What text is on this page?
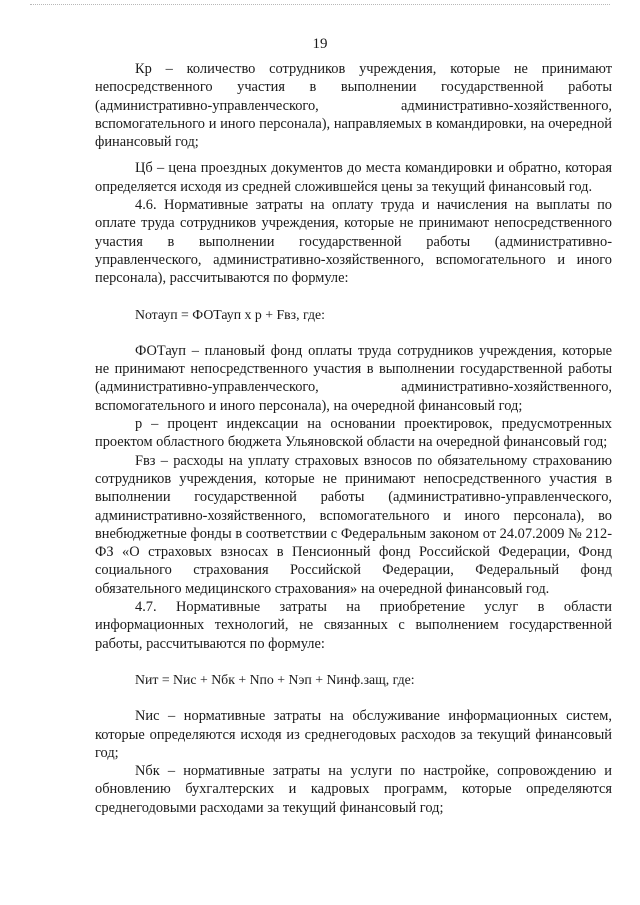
19

Кр – количество сотрудников учреждения, которые не принимают непосредственного участия в выполнении государственной работы (административно-управленческого, административно-хозяйственного, вспомогательного и иного персонала), направляемых в командировки, на очередной финансовый год;

Цб – цена проездных документов до места командировки и обратно, которая определяется исходя из средней сложившейся цены за текущий финансовый год.

4.6. Нормативные затраты на оплату труда и начисления на выплаты по оплате труда сотрудников учреждения, которые не принимают непосредственного участия в выполнении государственной работы (административно-управленческого, административно-хозяйственного, вспомогательного и иного персонала), рассчитываются по формуле:

Nотауп = ФОТауп х р + Fвз, где:

ФОТауп – плановый фонд оплаты труда сотрудников учреждения, которые не принимают непосредственного участия в выполнении государственной работы (административно-управленческого, административно-хозяйственного, вспомогательного и иного персонала), на очередной финансовый год;

р – процент индексации на основании проектировок, предусмотренных проектом областного бюджета Ульяновской области на очередной финансовый год;

Fвз – расходы на уплату страховых взносов по обязательному страхованию сотрудников учреждения, которые не принимают непосредственного участия в выполнении государственной работы (административно-управленческого, административно-хозяйственного, вспомогательного и иного персонала), во внебюджетные фонды в соответствии с Федеральным законом от 24.07.2009 № 212-ФЗ «О страховых взносах в Пенсионный фонд Российской Федерации, Фонд социального страхования Российской Федерации, Федеральный фонд обязательного медицинского страхования» на очередной финансовый год.

4.7. Нормативные затраты на приобретение услуг в области информационных технологий, не связанных с выполнением государственной работы, рассчитываются по формуле:

Nит = Nис + Nбк + Nпо + Nэп + Nинф.защ, где:

Nис – нормативные затраты на обслуживание информационных систем, которые определяются исходя из среднегодовых расходов за текущий финансовый год;

Nбк – нормативные затраты на услуги по настройке, сопровождению и обновлению бухгалтерских и кадровых программ, которые определяются среднегодовыми расходами за текущий финансовый год;
